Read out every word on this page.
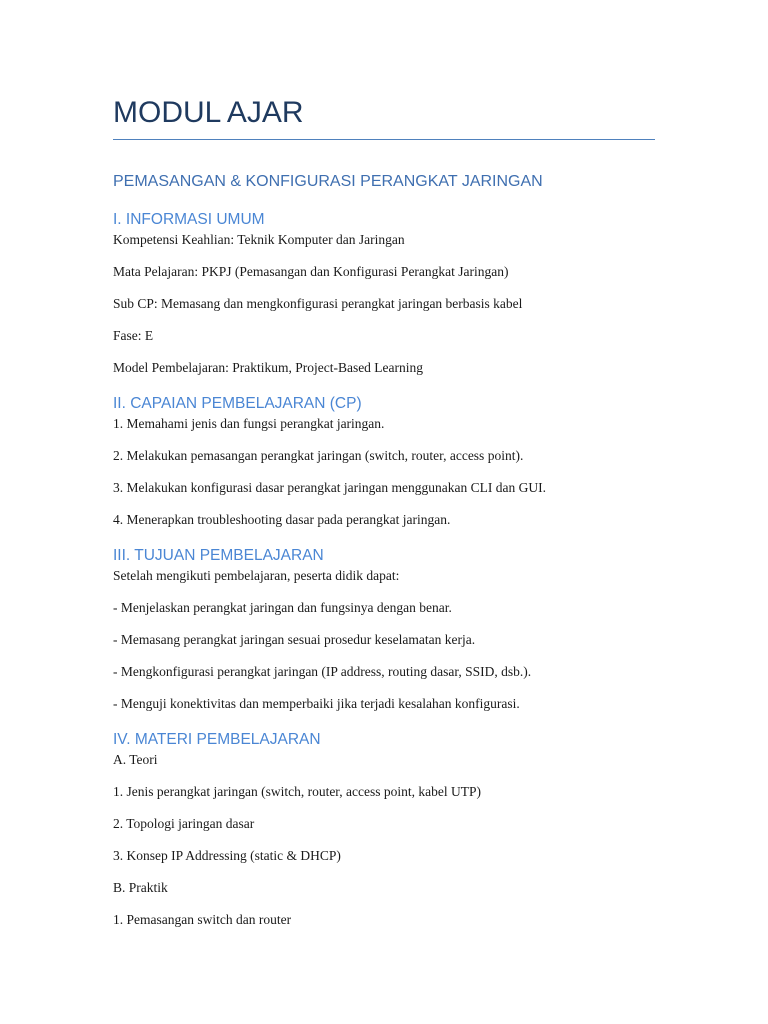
MODUL AJAR
PEMASANGAN & KONFIGURASI PERANGKAT JARINGAN
I. INFORMASI UMUM

Kompetensi Keahlian: Teknik Komputer dan Jaringan

Mata Pelajaran: PKPJ (Pemasangan dan Konfigurasi Perangkat Jaringan)

Sub CP: Memasang dan mengkonfigurasi perangkat jaringan berbasis kabel

Fase: E

Model Pembelajaran: Praktikum, Project-Based Learning

II. CAPAIAN PEMBELAJARAN (CP)

1. Memahami jenis dan fungsi perangkat jaringan.

2. Melakukan pemasangan perangkat jaringan (switch, router, access point).

3. Melakukan konfigurasi dasar perangkat jaringan menggunakan CLI dan GUI.

4. Menerapkan troubleshooting dasar pada perangkat jaringan.

III. TUJUAN PEMBELAJARAN

Setelah mengikuti pembelajaran, peserta didik dapat:

- Menjelaskan perangkat jaringan dan fungsinya dengan benar.

- Memasang perangkat jaringan sesuai prosedur keselamatan kerja.

- Mengkonfigurasi perangkat jaringan (IP address, routing dasar, SSID, dsb.).

- Menguji konektivitas dan memperbaiki jika terjadi kesalahan konfigurasi.

IV. MATERI PEMBELAJARAN

A. Teori

1. Jenis perangkat jaringan (switch, router, access point, kabel UTP)

2. Topologi jaringan dasar

3. Konsep IP Addressing (static & DHCP)

B. Praktik

1. Pemasangan switch dan router
